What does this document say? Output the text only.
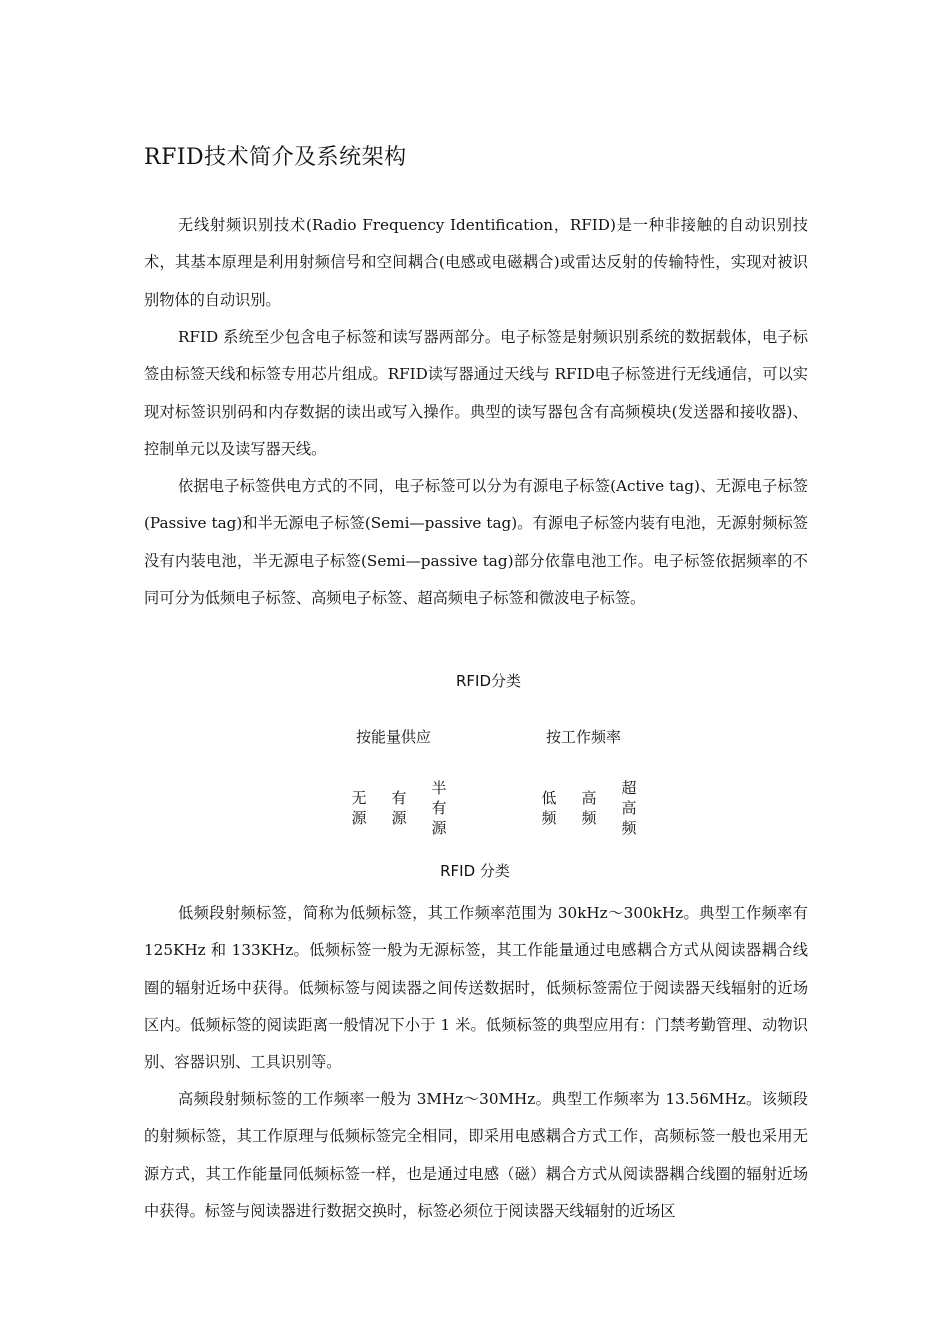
RFID技术简介及系统架构

无线射频识别技术(Radio Frequency Identification，RFID)是一种非接触的自动识别技术，其基本原理是利用射频信号和空间耦合(电感或电磁耦合)或雷达反射的传输特性，实现对被识别物体的自动识别。

RFID 系统至少包含电子标签和读写器两部分。电子标签是射频识别系统的数据载体，电子标签由标签天线和标签专用芯片组成。RFID读写器通过天线与 RFID电子标签进行无线通信，可以实现对标签识别码和内存数据的读出或写入操作。典型的读写器包含有高频模块(发送器和接收器)、控制单元以及读写器天线。

依据电子标签供电方式的不同，电子标签可以分为有源电子标签(Active tag)、无源电子标签(Passive tag)和半无源电子标签(Semi—passive tag)。有源电子标签内装有电池，无源射频标签没有内装电池，半无源电子标签(Semi—passive tag)部分依靠电池工作。电子标签依据频率的不同可分为低频电子标签、高频电子标签、超高频电子标签和微波电子标签。

RFID分类
按能量供应	按工作频率
无
源
有
源
半
有
源
低
频
高
频
超
高
频
RFID 分类

低频段射频标签，简称为低频标签，其工作频率范围为 30kHz～300kHz。典型工作频率有 125KHz 和 133KHz。低频标签一般为无源标签，其工作能量通过电感耦合方式从阅读器耦合线圈的辐射近场中获得。低频标签与阅读器之间传送数据时，低频标签需位于阅读器天线辐射的近场区内。低频标签的阅读距离一般情况下小于 1 米。低频标签的典型应用有：门禁考勤管理、动物识别、容器识别、工具识别等。

高频段射频标签的工作频率一般为 3MHz～30MHz。典型工作频率为 13.56MHz。该频段的射频标签，其工作原理与低频标签完全相同，即采用电感耦合方式工作，高频标签一般也采用无源方式，其工作能量同低频标签一样，也是通过电感（磁）耦合方式从阅读器耦合线圈的辐射近场中获得。标签与阅读器进行数据交换时，标签必须位于阅读器天线辐射的近场区
